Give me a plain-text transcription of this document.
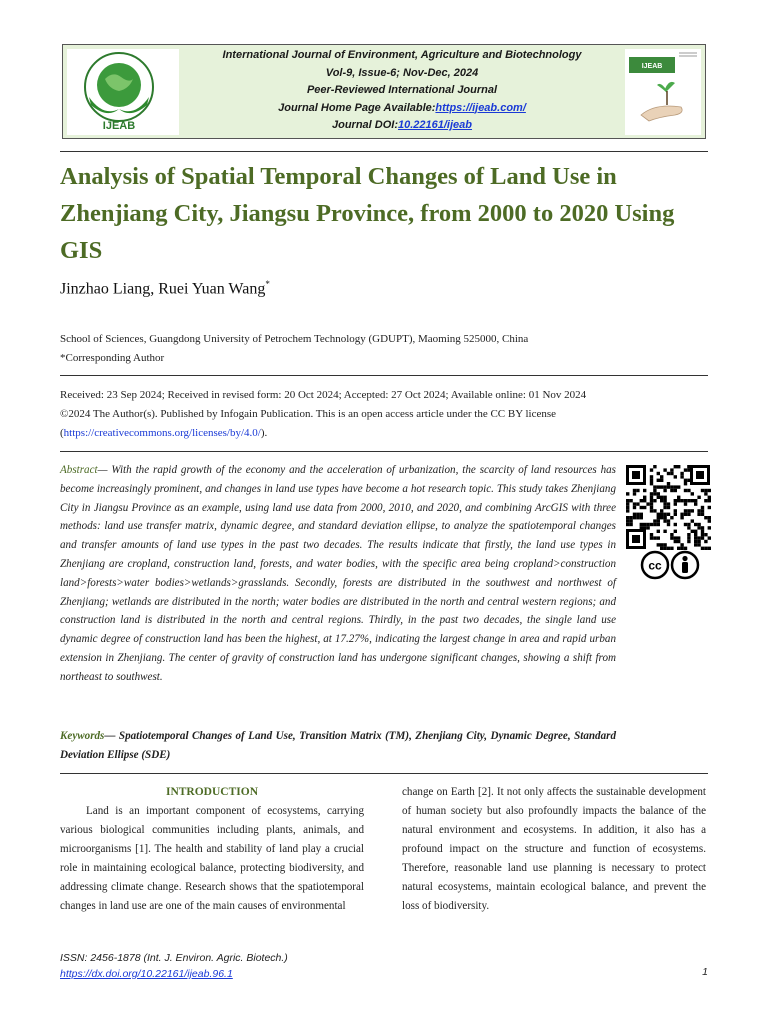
IJEAB
International Journal of Environment, Agriculture and Biotechnology
Vol-9, Issue-6; Nov-Dec, 2024
Peer-Reviewed International Journal
Journal Home Page Available:https://ijeab.com/
Journal DOI:10.22161/ijeab
IJEAB
Analysis of Spatial Temporal Changes of Land Use in Zhenjiang City, Jiangsu Province, from 2000 to 2020 Using GIS
Jinzhao Liang, Ruei Yuan Wang*
School of Sciences, Guangdong University of Petrochem Technology (GDUPT), Maoming 525000, China
*Corresponding Author
Received: 23 Sep 2024; Received in revised form: 20 Oct 2024; Accepted: 27 Oct 2024; Available online: 01 Nov 2024
©2024 The Author(s). Published by Infogain Publication. This is an open access article under the CC BY license
(https://creativecommons.org/licenses/by/4.0/).
Abstract— With the rapid growth of the economy and the acceleration of urbanization, the scarcity of land resources has become increasingly prominent, and changes in land use types have become a hot research topic. This study takes Zhenjiang City in Jiangsu Province as an example, using land use data from 2000, 2010, and 2020, and combining ArcGIS with three methods: land use transfer matrix, dynamic degree, and standard deviation ellipse, to analyze the spatiotemporal changes and transfer amounts of land use types in the past two decades. The results indicate that firstly, the land use types in Zhenjiang are cropland, construction land, forests, and water bodies, with the specific area being cropland>construction land>forests>water bodies>wetlands>grasslands. Secondly, forests are distributed in the southwest and northwest of Zhenjiang; wetlands are distributed in the north; water bodies are distributed in the north and central western regions; and construction land is distributed in the north and central regions. Thirdly, in the past two decades, the single land use dynamic degree of construction land has been the highest, at 17.27%, indicating the largest change in area and rapid urban extension in Zhenjiang. The center of gravity of construction land has undergone significant changes, showing a shift from northeast to southwest.
Keywords— Spatiotemporal Changes of Land Use, Transition Matrix (TM), Zhenjiang City, Dynamic Degree, Standard Deviation Ellipse (SDE)
cc
INTRODUCTION

Land is an important component of ecosystems, carrying various biological communities including plants, animals, and microorganisms [1]. The health and stability of land play a crucial role in maintaining ecological balance, protecting biodiversity, and addressing climate change. Research shows that the spatiotemporal changes in land use are one of the main causes of environmental

change on Earth [2]. It not only affects the sustainable development of human society but also profoundly impacts the balance of the natural environment and ecosystems. In addition, it also has a profound impact on the structure and function of ecosystems. Therefore, reasonable land use planning is necessary to protect natural ecosystems, maintain ecological balance, and prevent the loss of biodiversity.

ISSN: 2456-1878 (Int. J. Environ. Agric. Biotech.)
https://dx.doi.org/10.22161/ijeab.96.1	1
